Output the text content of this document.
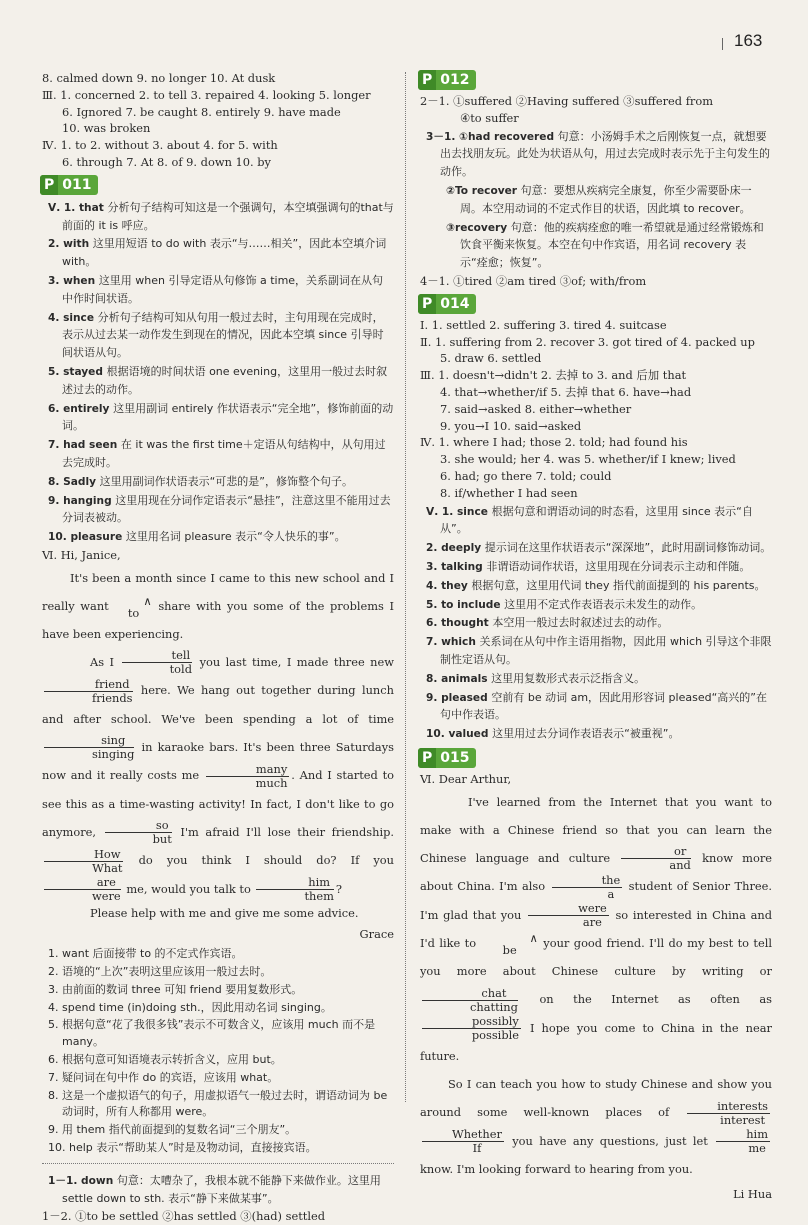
163
8. calmed down 9. no longer 10. At dusk
Ⅲ. 1. concerned 2. to tell 3. repaired 4. looking 5. longer
6. Ignored 7. be caught 8. entirely 9. have made
10. was broken
Ⅳ. 1. to 2. without 3. about 4. for 5. with
6. through 7. At 8. of 9. down 10. by
P 011
Ⅴ. 1. that 分析句子结构可知这是一个强调句，本空填强调句的that与前面的 it is 呼应。
2. with 这里用短语 to do with 表示“与……相关”，因此本空填介词 with。
3. when 这里用 when 引导定语从句修饰 a time，关系副词在从句中作时间状语。
4. since 分析句子结构可知从句用一般过去时，主句用现在完成时，表示从过去某一动作发生到现在的情况，因此本空填 since 引导时间状语从句。
5. stayed 根据语境的时间状语 one evening，这里用一般过去时叙述过去的动作。
6. entirely 这里用副词 entirely 作状语表示“完全地”，修饰前面的动词。
7. had seen 在 it was the first time＋定语从句结构中，从句用过去完成时。
8. Sadly 这里用副词作状语表示“可悲的是”，修饰整个句子。
9. hanging 这里用现在分词作定语表示“悬挂”，注意这里不能用过去分词表被动。
10. pleasure 这里用名词 pleasure 表示“令人快乐的事”。

Ⅵ. Hi, Janice,

It's been a month since I came to this new school and I really want	∧
to share with you some of the problems I have been experiencing.

As I	tell
told
you last time, I made three new
friend
friends
here. We hang out together during lunch and after school. We've been spending a lot of time
sing
singing
in karaoke bars. It's been three Saturdays now and it really costs me	many
much
. And I started to see this as a time-wasting activity! In fact, I don't like to go anymore,	so
but
I'm afraid I'll lose their friendship.
How
What
do you think I should do? If you
are
were
me, would you talk to	him
them
?

Please help with me and give me some advice.

Grace

1. want 后面接带 to 的不定式作宾语。
2. 语境的“上次”表明这里应该用一般过去时。
3. 由前面的数词 three 可知 friend 要用复数形式。
4. spend time (in)doing sth.，因此用动名词 singing。
5. 根据句意“花了我很多钱”表示不可数含义，应该用 much 而不是 many。
6. 根据句意可知语境表示转折含义，应用 but。
7. 疑问词在句中作 do 的宾语，应该用 what。
8. 这是一个虚拟语气的句子，用虚拟语气一般过去时，谓语动词为 be 动词时，所有人称都用 were。
9. 用 them 指代前面提到的复数名词“三个朋友”。
10. help 表示“帮助某人”时是及物动词，直接接宾语。
1－1. down 句意：太嘈杂了，我根本就不能静下来做作业。这里用 settle down to sth. 表示“静下来做某事”。
1－2. ①to be settled ②has settled ③(had) settled
P 012
2－1. ①suffered ②Having suffered ③suffered from
④to suffer
3－1. ①had recovered 句意：小汤姆手术之后刚恢复一点，就想要出去找朋友玩。此处为状语从句，用过去完成时表示先于主句发生的动作。
②To recover 句意：要想从疾病完全康复，你至少需要卧床一周。本空用动词的不定式作目的状语，因此填 to recover。
③recovery 句意：他的疾病痊愈的唯一希望就是通过经常锻炼和饮食平衡来恢复。本空在句中作宾语，用名词 recovery 表示“痊愈；恢复”。
4－1. ①tired ②am tired ③of; with/from
P 014
Ⅰ. 1. settled 2. suffering 3. tired 4. suitcase
Ⅱ. 1. suffering from 2. recover 3. got tired of 4. packed up
5. draw 6. settled
Ⅲ. 1. doesn't→didn't 2. 去掉 to 3. and 后加 that
4. that→whether/if 5. 去掉 that 6. have→had
7. said→asked 8. either→whether
9. you→I 10. said→asked
Ⅳ. 1. where I had; those 2. told; had found his
3. she would; her 4. was 5. whether/if I knew; lived
6. had; go there 7. told; could
8. if/whether I had seen
Ⅴ. 1. since 根据句意和谓语动词的时态看，这里用 since 表示“自从”。
2. deeply 提示词在这里作状语表示“深深地”，此时用副词修饰动词。
3. talking 非谓语动词作状语，这里用现在分词表示主动和伴随。
4. they 根据句意，这里用代词 they 指代前面提到的 his parents。
5. to include 这里用不定式作表语表示未发生的动作。
6. thought 本空用一般过去时叙述过去的动作。
7. which 关系词在从句中作主语用指物，因此用 which 引导这个非限制性定语从句。
8. animals 这里用复数形式表示泛指含义。
9. pleased 空前有 be 动词 am，因此用形容词 pleased“高兴的”在句中作表语。
10. valued 这里用过去分词作表语表示“被重视”。
P 015

Ⅵ. Dear Arthur,

I've learned from the Internet that you want to make with a Chinese friend so that you can learn the Chinese language and culture	or
and
know more about China. I'm also	the
a
student of Senior Three. I'm glad that you	were
are
so interested in China and I'd like to	∧
be your good friend. I'll do my best to tell you more about Chinese culture by writing or
chat
chatting
on the Internet as often as
possibly
possible
I hope you come to China in the near future.

So I can teach you how to study Chinese and show you around some well-known places of	interests
interest

Whether
If
you have any questions, just let	him
me
know. I'm looking forward to hearing from you.

Li Hua
